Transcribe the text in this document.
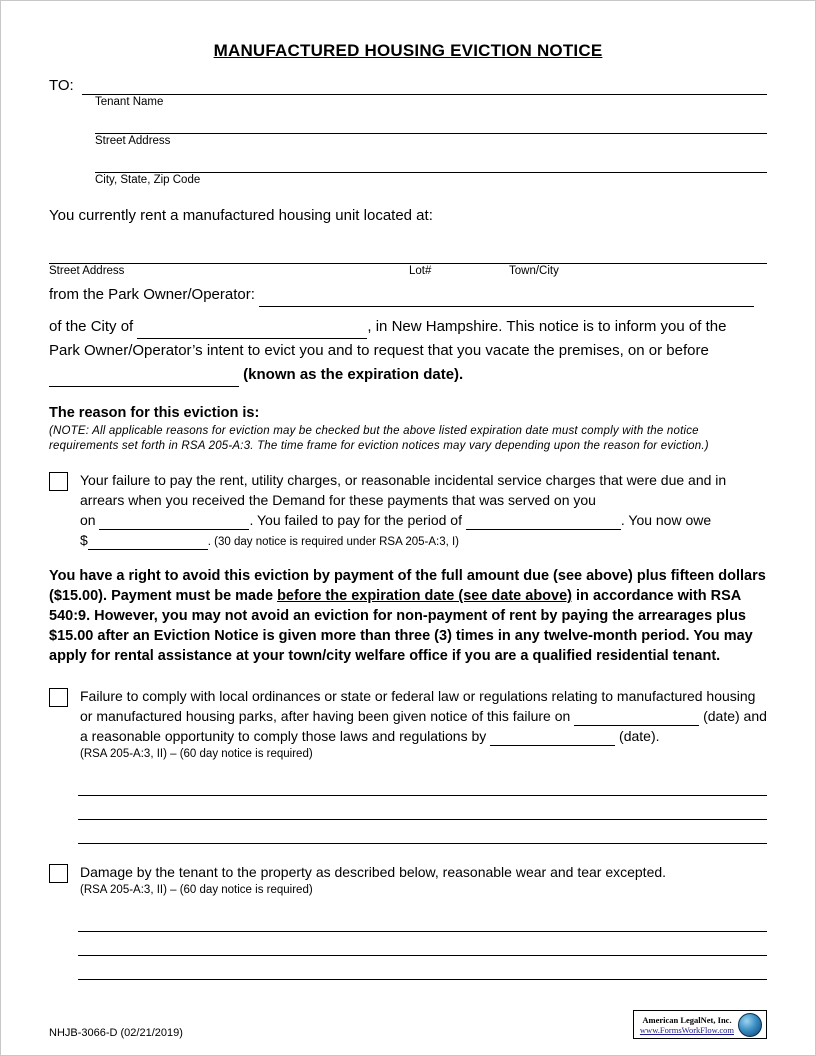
MANUFACTURED HOUSING EVICTION NOTICE
TO:
Tenant Name
Street Address
City, State, Zip Code
You currently rent a manufactured housing unit located at:
Street Address	Lot#	Town/City
from the Park Owner/Operator:
of the City of	, in New Hampshire. This notice is to inform you of the
Park Owner/Operator’s intent to evict you and to request that you vacate the premises, on or before
(known as the expiration date).
The reason for this eviction is:
(NOTE: All applicable reasons for eviction may be checked but the above listed expiration date must comply with the notice requirements set forth in RSA 205-A:3. The time frame for eviction notices may vary depending upon the reason for eviction.)
Your failure to pay the rent, utility charges, or reasonable incidental service charges that were due and in arrears when you received the Demand for these payments that was served on you
on	. You failed to pay for the period of	. You now owe
$	. (30 day notice is required under RSA 205-A:3, I)
You have a right to avoid this eviction by payment of the full amount due (see above) plus fifteen dollars ($15.00). Payment must be made before the expiration date (see date above) in accordance with RSA 540:9. However, you may not avoid an eviction for non-payment of rent by paying the arrearages plus $15.00 after an Eviction Notice is given more than three (3) times in any twelve-month period. You may apply for rental assistance at your town/city welfare office if you are a qualified residential tenant.
Failure to comply with local ordinances or state or federal law or regulations relating to manufactured housing or manufactured housing parks, after having been given notice of this failure on	(date) and a reasonable opportunity to comply those laws and regulations by	(date).
(RSA 205-A:3, II) – (60 day notice is required)
Damage by the tenant to the property as described below, reasonable wear and tear excepted.
(RSA 205-A:3, II) – (60 day notice is required)
NHJB-3066-D (02/21/2019)
American LegalNet, Inc.
www.FormsWorkFlow.com
